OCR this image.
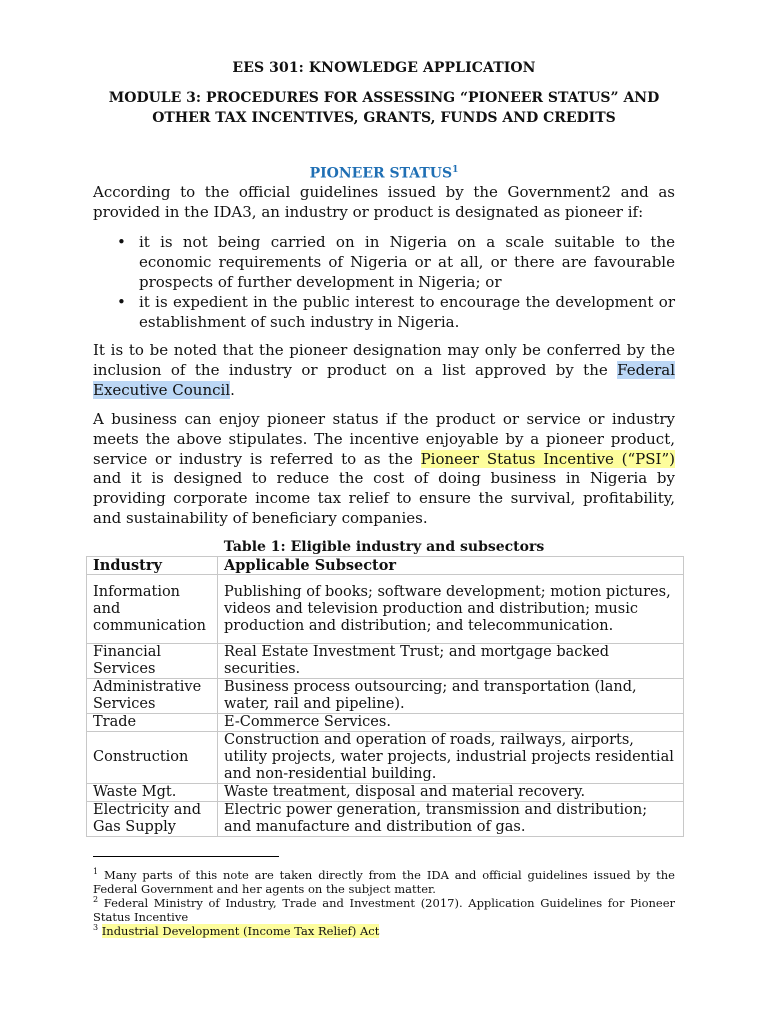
EES 301: KNOWLEDGE APPLICATION
MODULE 3: PROCEDURES FOR ASSESSING “PIONEER STATUS” AND OTHER TAX INCENTIVES, GRANTS, FUNDS AND CREDITS
PIONEER STATUS$^1$
According to the official guidelines issued by the Government2 and as provided in the IDA3, an industry or product is designated as pioneer if:
• it is not being carried on in Nigeria on a scale suitable to the economic requirements of Nigeria or at all, or there are favourable prospects of further development in Nigeria; or
• it is expedient in the public interest to encourage the development or establishment of such industry in Nigeria.
It is to be noted that the pioneer designation may only be conferred by the inclusion of the industry or product on a list approved by the Federal Executive Council.
A business can enjoy pioneer status if the product or service or industry meets the above stipulates. The incentive enjoyable by a pioneer product, service or industry is referred to as the Pioneer Status Incentive (“PSI”) and it is designed to reduce the cost of doing business in Nigeria by providing corporate income tax relief to ensure the survival, profitability, and sustainability of beneficiary companies.
Table 1: Eligible industry and subsectors
Industry	Applicable Subsector
Information and communication	Publishing of books; software development; motion pictures, videos and television production and distribution; music production and distribution; and telecommunication.
Financial Services	Real Estate Investment Trust; and mortgage backed securities.
Administrative Services	Business process outsourcing; and transportation (land, water, rail and pipeline).
Trade	E-Commerce Services.
Construction	Construction and operation of roads, railways, airports, utility projects, water projects, industrial projects residential and non-residential building.
Waste Mgt.	Waste treatment, disposal and material recovery.
Electricity and Gas Supply	Electric power generation, transmission and distribution; and manufacture and distribution of gas.
$^1$ Many parts of this note are taken directly from the IDA and official guidelines issued by the Federal Government and her agents on the subject matter.
$^2$ Federal Ministry of Industry, Trade and Investment (2017). Application Guidelines for Pioneer Status Incentive
$^3$ Industrial Development (Income Tax Relief) Act
